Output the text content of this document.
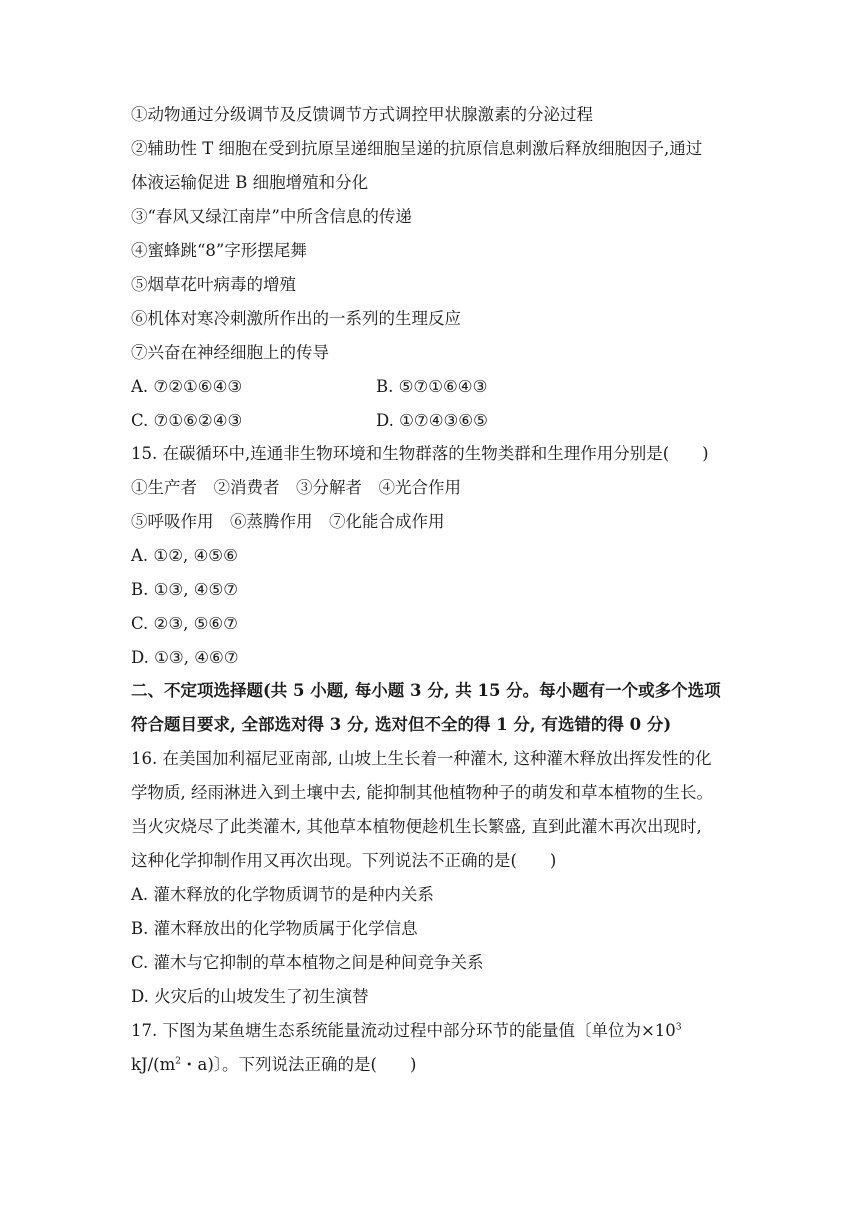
①动物通过分级调节及反馈调节方式调控甲状腺激素的分泌过程
②辅助性 T 细胞在受到抗原呈递细胞呈递的抗原信息刺激后释放细胞因子,通过
体液运输促进 B 细胞增殖和分化
③“春风又绿江南岸”中所含信息的传递
④蜜蜂跳“8”字形摆尾舞
⑤烟草花叶病毒的增殖
⑥机体对寒冷刺激所作出的一系列的生理反应
⑦兴奋在神经细胞上的传导
A. ⑦②①⑥④③	B. ⑤⑦①⑥④③
C. ⑦①⑥②④③	D. ①⑦④③⑥⑤
15. 在碳循环中,连通非生物环境和生物群落的生物类群和生理作用分别是(　　)
①生产者　②消费者　③分解者　④光合作用
⑤呼吸作用　⑥蒸腾作用　⑦化能合成作用
A. ①②, ④⑤⑥
B. ①③, ④⑤⑦
C. ②③, ⑤⑥⑦
D. ①③, ④⑥⑦
二、不定项选择题(共 5 小题, 每小题 3 分, 共 15 分。每小题有一个或多个选项
符合题目要求, 全部选对得 3 分, 选对但不全的得 1 分, 有选错的得 0 分)
16. 在美国加利福尼亚南部, 山坡上生长着一种灌木, 这种灌木释放出挥发性的化
学物质, 经雨淋进入到土壤中去, 能抑制其他植物种子的萌发和草本植物的生长。
当火灾烧尽了此类灌木, 其他草本植物便趁机生长繁盛, 直到此灌木再次出现时,
这种化学抑制作用又再次出现。下列说法不正确的是(　　)
A. 灌木释放的化学物质调节的是种内关系
B. 灌木释放出的化学物质属于化学信息
C. 灌木与它抑制的草本植物之间是种间竞争关系
D. 火灾后的山坡发生了初生演替
17. 下图为某鱼塘生态系统能量流动过程中部分环节的能量值〔单位为$\times 10^3$
$kJ/(m^2$・a)〕。下列说法正确的是(　　)
